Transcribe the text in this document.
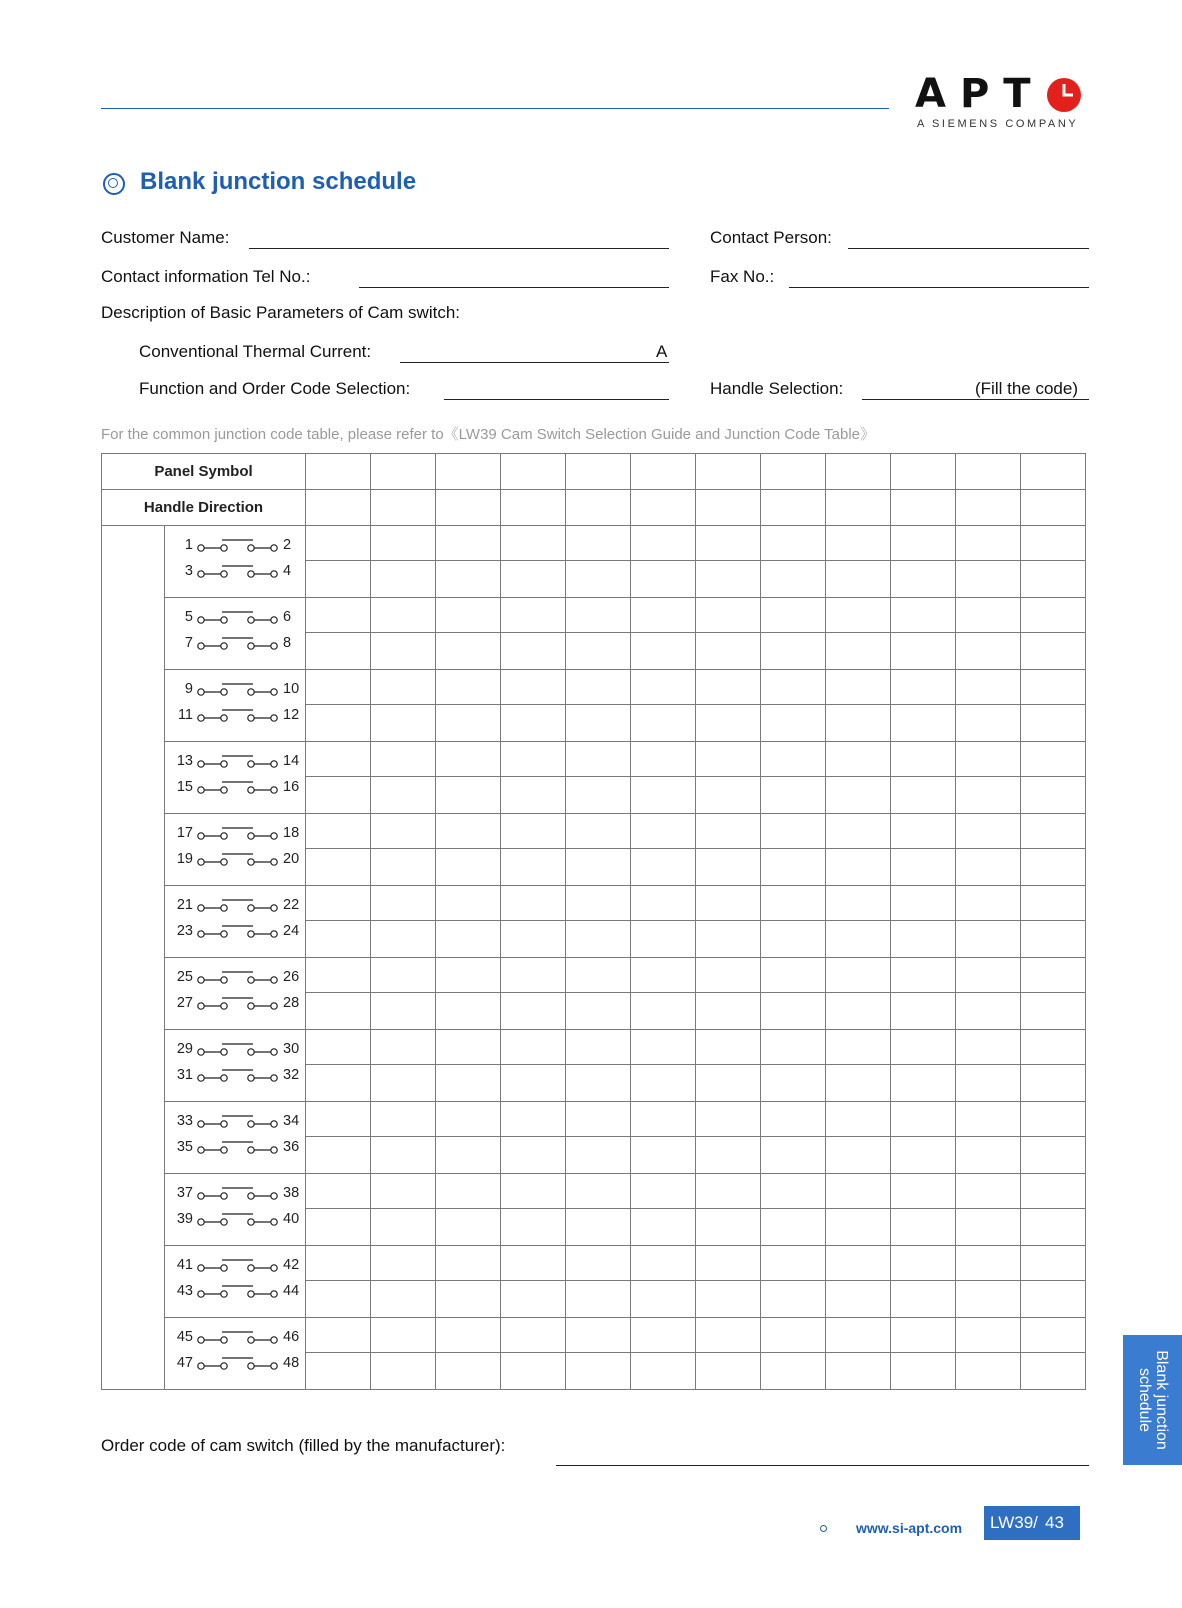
APT
A SIEMENS COMPANY
Blank junction schedule
Customer Name:	Contact Person:
Contact information Tel No.:	Fax No.:
Description of Basic Parameters of Cam switch:
Conventional Thermal Current:	A
Function and Order Code Selection:	Handle Selection:	(Fill the code)
For the common junction code table, please refer to《LW39 Cam Switch Selection Guide and Junction Code Table》
Panel Symbol													
Handle Direction													

	1 2
3 4												

	5 6
7 8												

	9 10
11 12												

	13 14
15 16												

	17 18
19 20												

	21 22
23 24												

	25 26
27 28												

	29 30
31 32												

	33 34
35 36												

	37 38
39 40												

	41 42
43 44												

	45 46
47 48												

Order code of cam switch (filled by the manufacturer):	Blank junction
schedule
www.si-apt.com LW39/ 43
